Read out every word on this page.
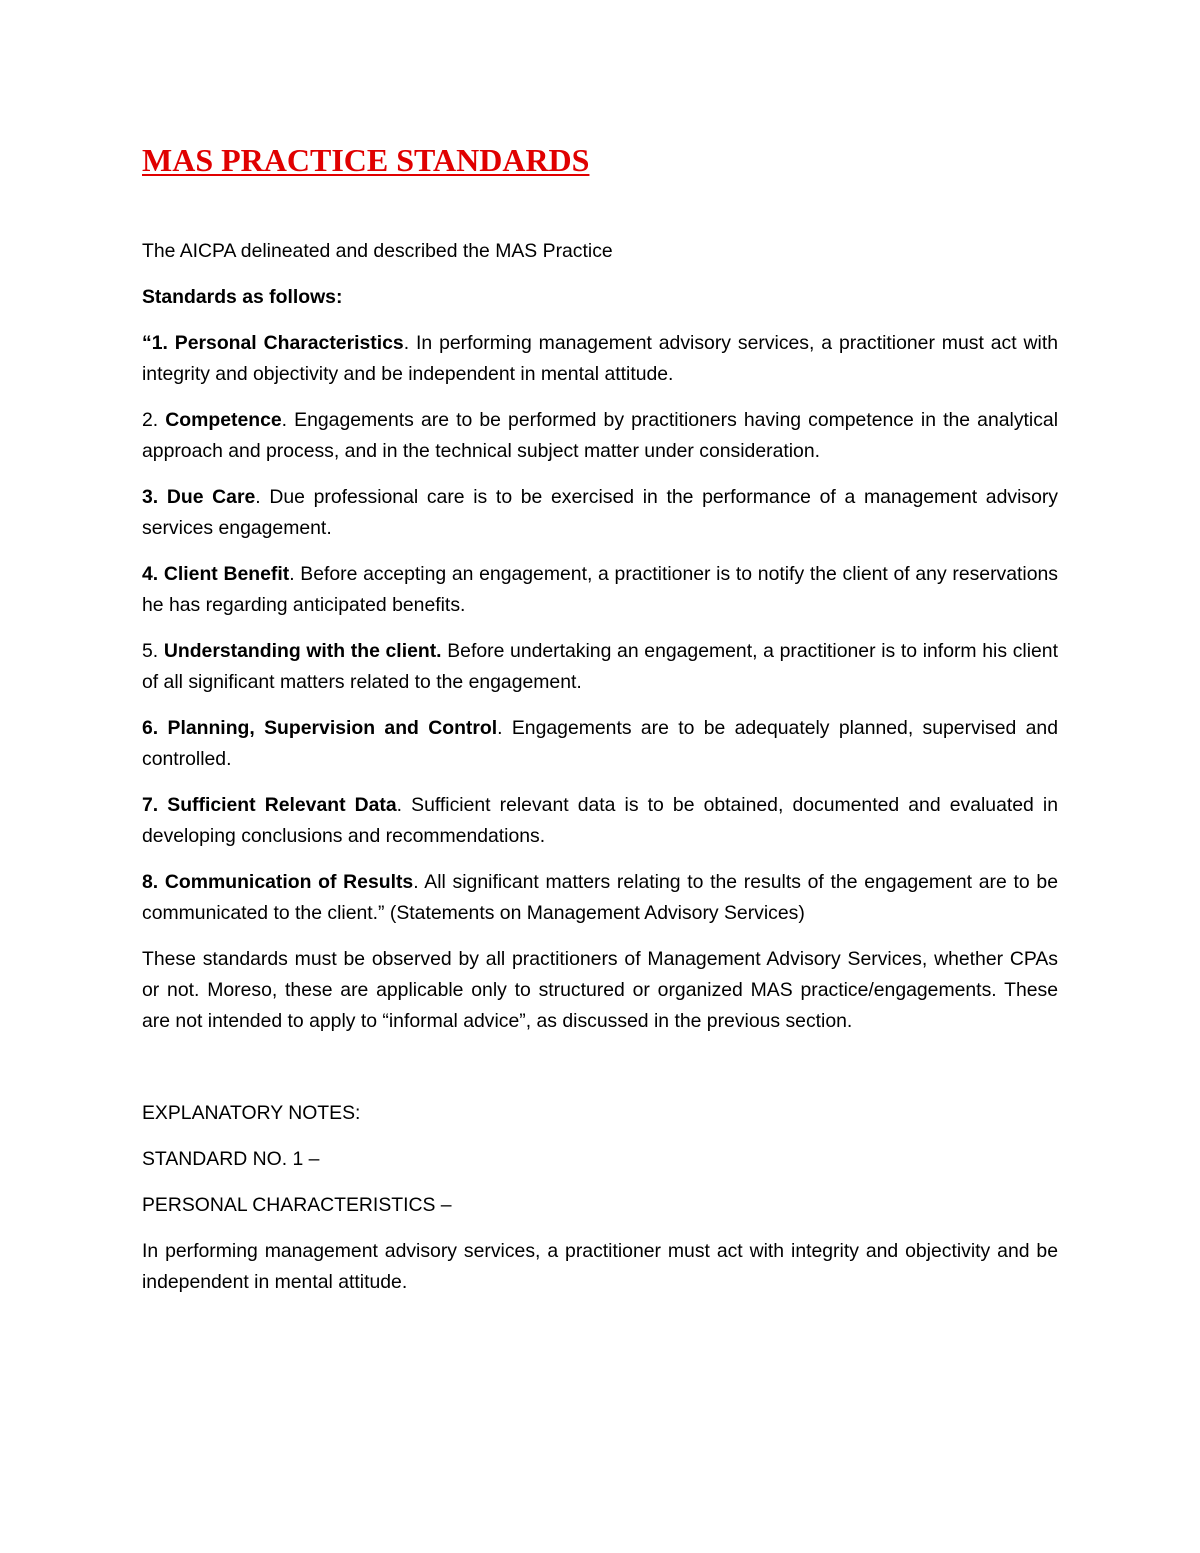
MAS PRACTICE STANDARDS

The AICPA delineated and described the MAS Practice

Standards as follows:

“1. Personal Characteristics. In performing management advisory services, a practitioner must act with integrity and objectivity and be independent in mental attitude.

2. Competence. Engagements are to be performed by practitioners having competence in the analytical approach and process, and in the technical subject matter under consideration.

3. Due Care. Due professional care is to be exercised in the performance of a management advisory services engagement.

4. Client Benefit. Before accepting an engagement, a practitioner is to notify the client of any reservations he has regarding anticipated benefits.

5. Understanding with the client. Before undertaking an engagement, a practitioner is to inform his client of all significant matters related to the engagement.

6. Planning, Supervision and Control. Engagements are to be adequately planned, supervised and controlled.

7. Sufficient Relevant Data. Sufficient relevant data is to be obtained, documented and evaluated in developing conclusions and recommendations.

8. Communication of Results. All significant matters relating to the results of the engagement are to be communicated to the client.” (Statements on Management Advisory Services)

These standards must be observed by all practitioners of Management Advisory Services, whether CPAs or not. Moreso, these are applicable only to structured or organized MAS practice/engagements. These are not intended to apply to “informal advice”, as discussed in the previous section.

EXPLANATORY NOTES:

STANDARD NO. 1 –

PERSONAL CHARACTERISTICS –

In performing management advisory services, a practitioner must act with integrity and objectivity and be independent in mental attitude.
